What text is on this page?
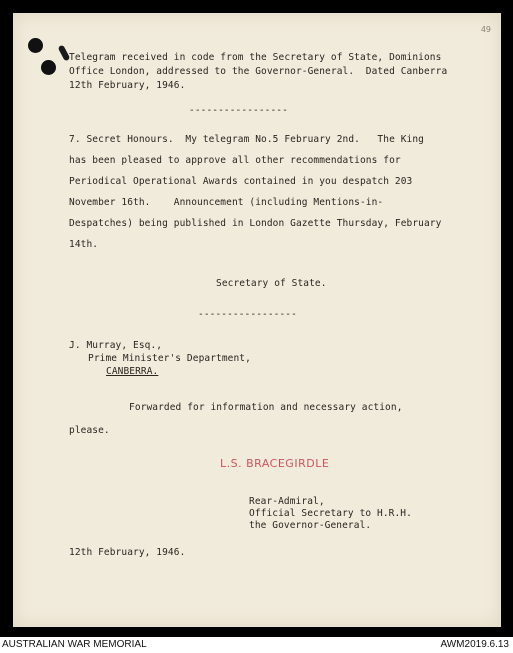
49
Telegram received in code from the Secretary of State, Dominions
Office London, addressed to the Governor-General.  Dated Canberra
12th February, 1946.
-----------------
7. Secret Honours.  My telegram No.5 February 2nd.   The King
has been pleased to approve all other recommendations for
Periodical Operational Awards contained in you despatch 203
November 16th.    Announcement (including Mentions-in-
Despatches) being published in London Gazette Thursday, February
14th.
Secretary of State.
-----------------
J. Murray, Esq.,
Prime Minister's Department,
CANBERRA.
Forwarded for information and necessary action,
please.
L.S. BRACEGIRDLE
Rear-Admiral,
Official Secretary to H.R.H.
the Governor-General.
12th February, 1946.
AUSTRALIAN WAR MEMORIAL	AWM2019.6.13
